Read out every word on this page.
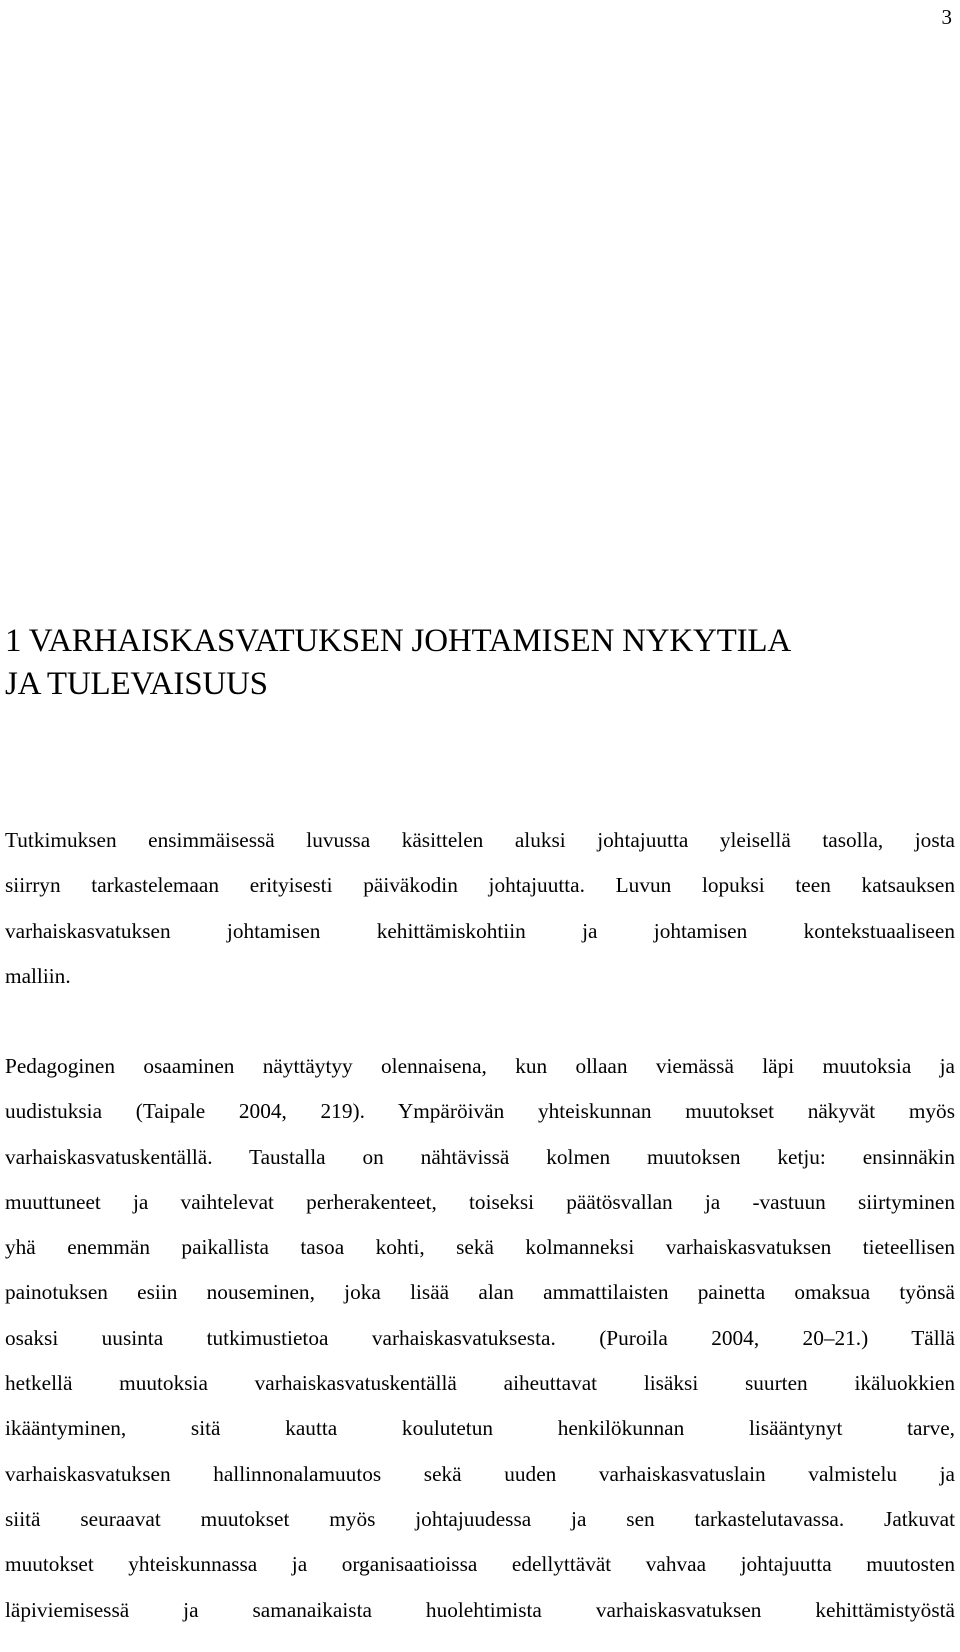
3
1 VARHAISKASVATUKSEN JOHTAMISEN NYKYTILA
JA TULEVAISUUS
Tutkimuksen ensimmäisessä luvussa käsittelen aluksi johtajuutta yleisellä tasolla, josta
siirryn tarkastelemaan erityisesti päiväkodin johtajuutta. Luvun lopuksi teen katsauksen
varhaiskasvatuksen johtamisen kehittämiskohtiin ja johtamisen kontekstuaaliseen
malliin.
Pedagoginen osaaminen näyttäytyy olennaisena, kun ollaan viemässä läpi muutoksia ja
uudistuksia (Taipale 2004, 219). Ympäröivän yhteiskunnan muutokset näkyvät myös
varhaiskasvatuskentällä. Taustalla on nähtävissä kolmen muutoksen ketju: ensinnäkin
muuttuneet ja vaihtelevat perherakenteet, toiseksi päätösvallan ja -vastuun siirtyminen
yhä enemmän paikallista tasoa kohti, sekä kolmanneksi varhaiskasvatuksen tieteellisen
painotuksen esiin nouseminen, joka lisää alan ammattilaisten painetta omaksua työnsä
osaksi uusinta tutkimustietoa varhaiskasvatuksesta. (Puroila 2004, 20–21.) Tällä
hetkellä muutoksia varhaiskasvatuskentällä aiheuttavat lisäksi suurten ikäluokkien
ikääntyminen, sitä kautta koulutetun henkilökunnan lisääntynyt tarve,
varhaiskasvatuksen hallinnonalamuutos sekä uuden varhaiskasvatuslain valmistelu ja
siitä seuraavat muutokset myös johtajuudessa ja sen tarkastelutavassa. Jatkuvat
muutokset yhteiskunnassa ja organisaatioissa edellyttävät vahvaa johtajuutta muutosten
läpiviemisessä ja samanaikaista huolehtimista varhaiskasvatuksen kehittämistyöstä
